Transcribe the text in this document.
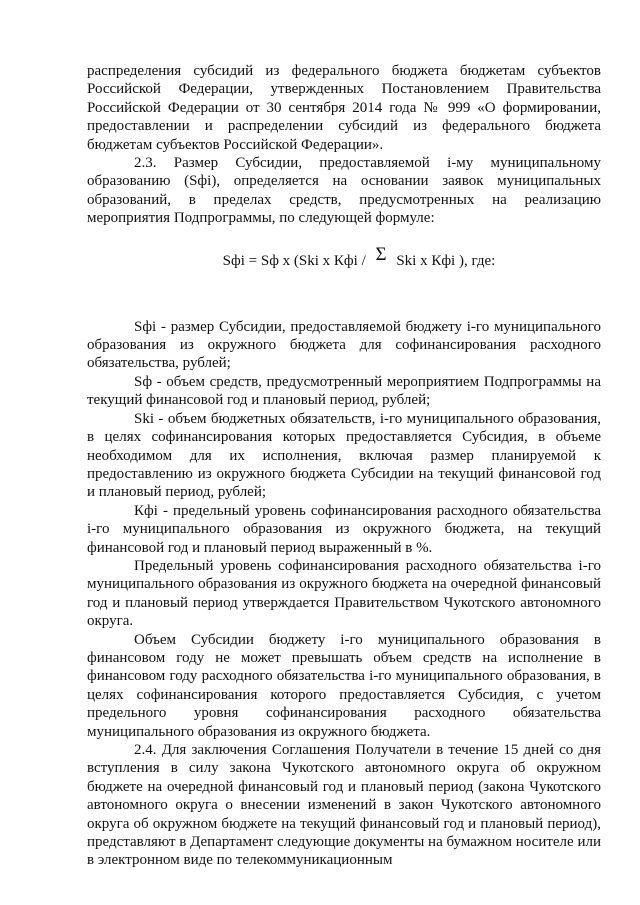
распределения субсидий из федерального бюджета бюджетам субъектов Российской Федерации, утвержденных Постановлением Правительства Российской Федерации от 30 сентября 2014 года № 999 «О формировании, предоставлении и распределении субсидий из федерального бюджета бюджетам субъектов Российской Федерации».

2.3. Размер Субсидии, предоставляемой i-му муниципальному образованию (Sфi), определяется на основании заявок муниципальных образований, в пределах средств, предусмотренных на реализацию мероприятия Подпрограммы, по следующей формуле:

Sфi = Sф x (Ski x Кфi / Σ Ski x Кфi ), где:

Sфi - размер Субсидии, предоставляемой бюджету i-го муниципального образования из окружного бюджета для софинансирования расходного обязательства, рублей;

Sф - объем средств, предусмотренный мероприятием Подпрограммы на текущий финансовой год и плановый период, рублей;

Ski - объем бюджетных обязательств, i-го муниципального образования, в целях софинансирования которых предоставляется Субсидия, в объеме необходимом для их исполнения, включая размер планируемой к предоставлению из окружного бюджета Субсидии на текущий финансовой год и плановый период, рублей;

Кфi - предельный уровень софинансирования расходного обязательства i-го муниципального образования из окружного бюджета, на текущий финансовой год и плановый период выраженный в %.

Предельный уровень софинансирования расходного обязательства i-го муниципального образования из окружного бюджета на очередной финансовый год и плановый период утверждается Правительством Чукотского автономного округа.

Объем Субсидии бюджету i-го муниципального образования в финансовом году не может превышать объем средств на исполнение в финансовом году расходного обязательства i-го муниципального образования, в целях софинансирования которого предоставляется Субсидия, с учетом предельного уровня софинансирования расходного обязательства муниципального образования из окружного бюджета.

2.4. Для заключения Соглашения Получатели в течение 15 дней со дня вступления в силу закона Чукотского автономного округа об окружном бюджете на очередной финансовый год и плановый период (закона Чукотского автономного округа о внесении изменений в закон Чукотского автономного округа об окружном бюджете на текущий финансовый год и плановый период), представляют в Департамент следующие документы на бумажном носителе или в электронном виде по телекоммуникационным
